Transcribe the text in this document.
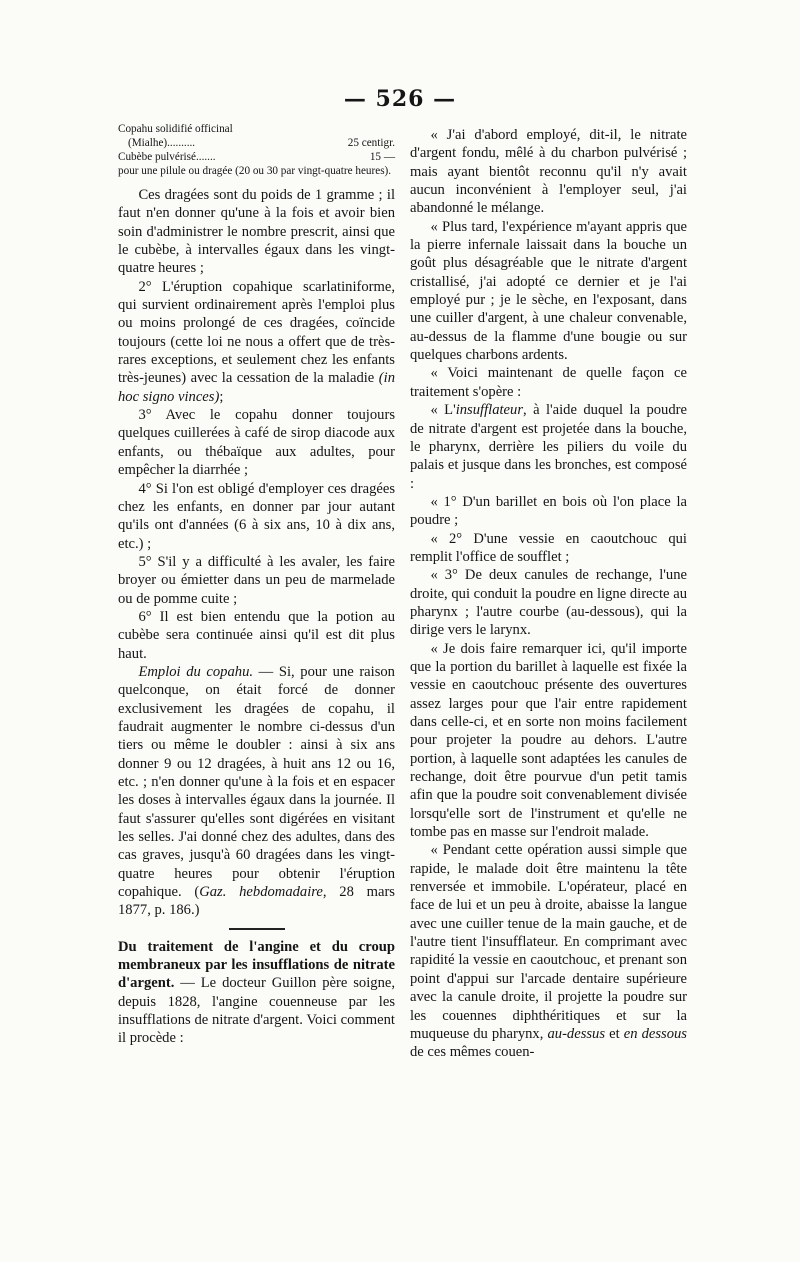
— 526 —
Copahu solidifié officinal
(Mialhe)..........	25 centigr.
Cubèbe pulvérisé.......	15 —
pour une pilule ou dragée (20 ou 30 par vingt-quatre heures).

Ces dragées sont du poids de 1 gramme ; il faut n'en donner qu'une à la fois et avoir bien soin d'administrer le nombre prescrit, ainsi que le cubèbe, à intervalles égaux dans les vingt-quatre heures ;

2° L'éruption copahique scarlatiniforme, qui survient ordinairement après l'emploi plus ou moins prolongé de ces dragées, coïncide toujours (cette loi ne nous a offert que de très-rares exceptions, et seulement chez les enfants très-jeunes) avec la cessation de la maladie (in hoc signo vinces);

3° Avec le copahu donner toujours quelques cuillerées à café de sirop diacode aux enfants, ou thébaïque aux adultes, pour empêcher la diarrhée ;

4° Si l'on est obligé d'employer ces dragées chez les enfants, en donner par jour autant qu'ils ont d'années (6 à six ans, 10 à dix ans, etc.) ;

5° S'il y a difficulté à les avaler, les faire broyer ou émietter dans un peu de marmelade ou de pomme cuite ;

6° Il est bien entendu que la potion au cubèbe sera continuée ainsi qu'il est dit plus haut.

Emploi du copahu. — Si, pour une raison quelconque, on était forcé de donner exclusivement les dragées de copahu, il faudrait augmenter le nombre ci-dessus d'un tiers ou même le doubler : ainsi à six ans donner 9 ou 12 dragées, à huit ans 12 ou 16, etc. ; n'en donner qu'une à la fois et en espacer les doses à intervalles égaux dans la journée. Il faut s'assurer qu'elles sont digérées en visitant les selles. J'ai donné chez des adultes, dans des cas graves, jusqu'à 60 dragées dans les vingt-quatre heures pour obtenir l'éruption copahique. (Gaz. hebdomadaire, 28 mars 1877, p. 186.)

Du traitement de l'angine et du croup membraneux par les insufflations de nitrate d'argent. — Le docteur Guillon père soigne, depuis 1828, l'angine couenneuse par les insufflations de nitrate d'argent. Voici comment il procède :

« J'ai d'abord employé, dit-il, le nitrate d'argent fondu, mêlé à du charbon pulvérisé ; mais ayant bientôt reconnu qu'il n'y avait aucun inconvénient à l'employer seul, j'ai abandonné le mélange.

« Plus tard, l'expérience m'ayant appris que la pierre infernale laissait dans la bouche un goût plus désagréable que le nitrate d'argent cristallisé, j'ai adopté ce dernier et je l'ai employé pur ; je le sèche, en l'exposant, dans une cuiller d'argent, à une chaleur convenable, au-dessus de la flamme d'une bougie ou sur quelques charbons ardents.

« Voici maintenant de quelle façon ce traitement s'opère :

« L'insufflateur, à l'aide duquel la poudre de nitrate d'argent est projetée dans la bouche, le pharynx, derrière les piliers du voile du palais et jusque dans les bronches, est composé :

« 1° D'un barillet en bois où l'on place la poudre ;

« 2° D'une vessie en caoutchouc qui remplit l'office de soufflet ;

« 3° De deux canules de rechange, l'une droite, qui conduit la poudre en ligne directe au pharynx ; l'autre courbe (au-dessous), qui la dirige vers le larynx.

« Je dois faire remarquer ici, qu'il importe que la portion du barillet à laquelle est fixée la vessie en caoutchouc présente des ouvertures assez larges pour que l'air entre rapidement dans celle-ci, et en sorte non moins facilement pour projeter la poudre au dehors. L'autre portion, à laquelle sont adaptées les canules de rechange, doit être pourvue d'un petit tamis afin que la poudre soit convenablement divisée lorsqu'elle sort de l'instrument et qu'elle ne tombe pas en masse sur l'endroit malade.

« Pendant cette opération aussi simple que rapide, le malade doit être maintenu la tête renversée et immobile. L'opérateur, placé en face de lui et un peu à droite, abaisse la langue avec une cuiller tenue de la main gauche, et de l'autre tient l'insufflateur. En comprimant avec rapidité la vessie en caoutchouc, et prenant son point d'appui sur l'arcade dentaire supérieure avec la canule droite, il projette la poudre sur les couennes diphthéritiques et sur la muqueuse du pharynx, au-dessus et en dessous de ces mêmes couen-
